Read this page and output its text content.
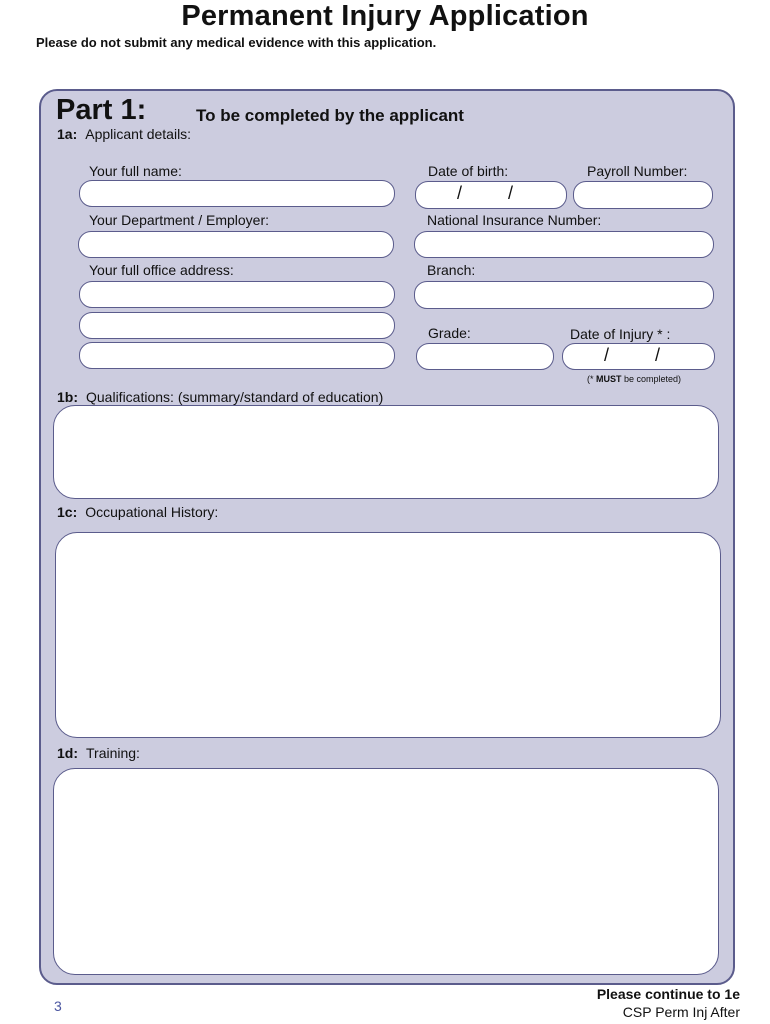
Permanent Injury Application
Please do not submit any medical evidence with this application.
Part 1:	To be completed by the applicant
1a: Applicant details:
Your full name:	Date of birth:	Payroll Number:
/	/
Your Department / Employer:	National Insurance Number:
Your full office address:	Branch:
Grade:	Date of Injury * :
/	/
(* MUST be completed)
1b: Qualifications: (summary/standard of education)
1c: Occupational History:
1d: Training:
3
Please continue to 1e
CSP Perm Inj After
